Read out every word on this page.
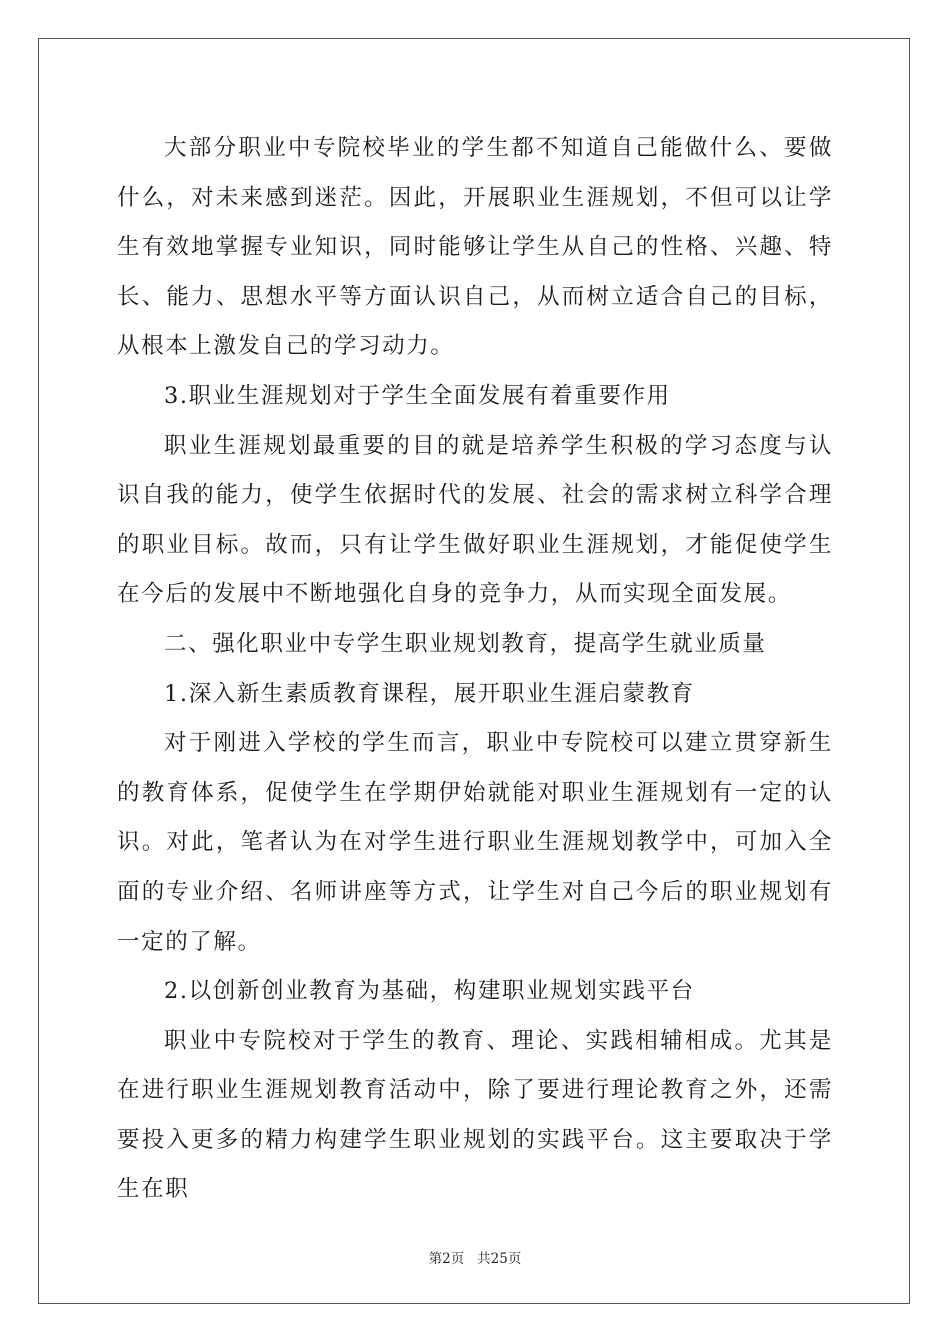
大部分职业中专院校毕业的学生都不知道自己能做什么、要做什么，对未来感到迷茫。因此，开展职业生涯规划，不但可以让学生有效地掌握专业知识，同时能够让学生从自己的性格、兴趣、特长、能力、思想水平等方面认识自己，从而树立适合自己的目标，从根本上激发自己的学习动力。

3.职业生涯规划对于学生全面发展有着重要作用

职业生涯规划最重要的目的就是培养学生积极的学习态度与认识自我的能力，使学生依据时代的发展、社会的需求树立科学合理的职业目标。故而，只有让学生做好职业生涯规划，才能促使学生在今后的发展中不断地强化自身的竞争力，从而实现全面发展。

二、强化职业中专学生职业规划教育，提高学生就业质量

1.深入新生素质教育课程，展开职业生涯启蒙教育

对于刚进入学校的学生而言，职业中专院校可以建立贯穿新生的教育体系，促使学生在学期伊始就能对职业生涯规划有一定的认识。对此，笔者认为在对学生进行职业生涯规划教学中，可加入全面的专业介绍、名师讲座等方式，让学生对自己今后的职业规划有一定的了解。

2.以创新创业教育为基础，构建职业规划实践平台

职业中专院校对于学生的教育、理论、实践相辅相成。尤其是在进行职业生涯规划教育活动中，除了要进行理论教育之外，还需要投入更多的精力构建学生职业规划的实践平台。这主要取决于学生在职

第2页   共25页
